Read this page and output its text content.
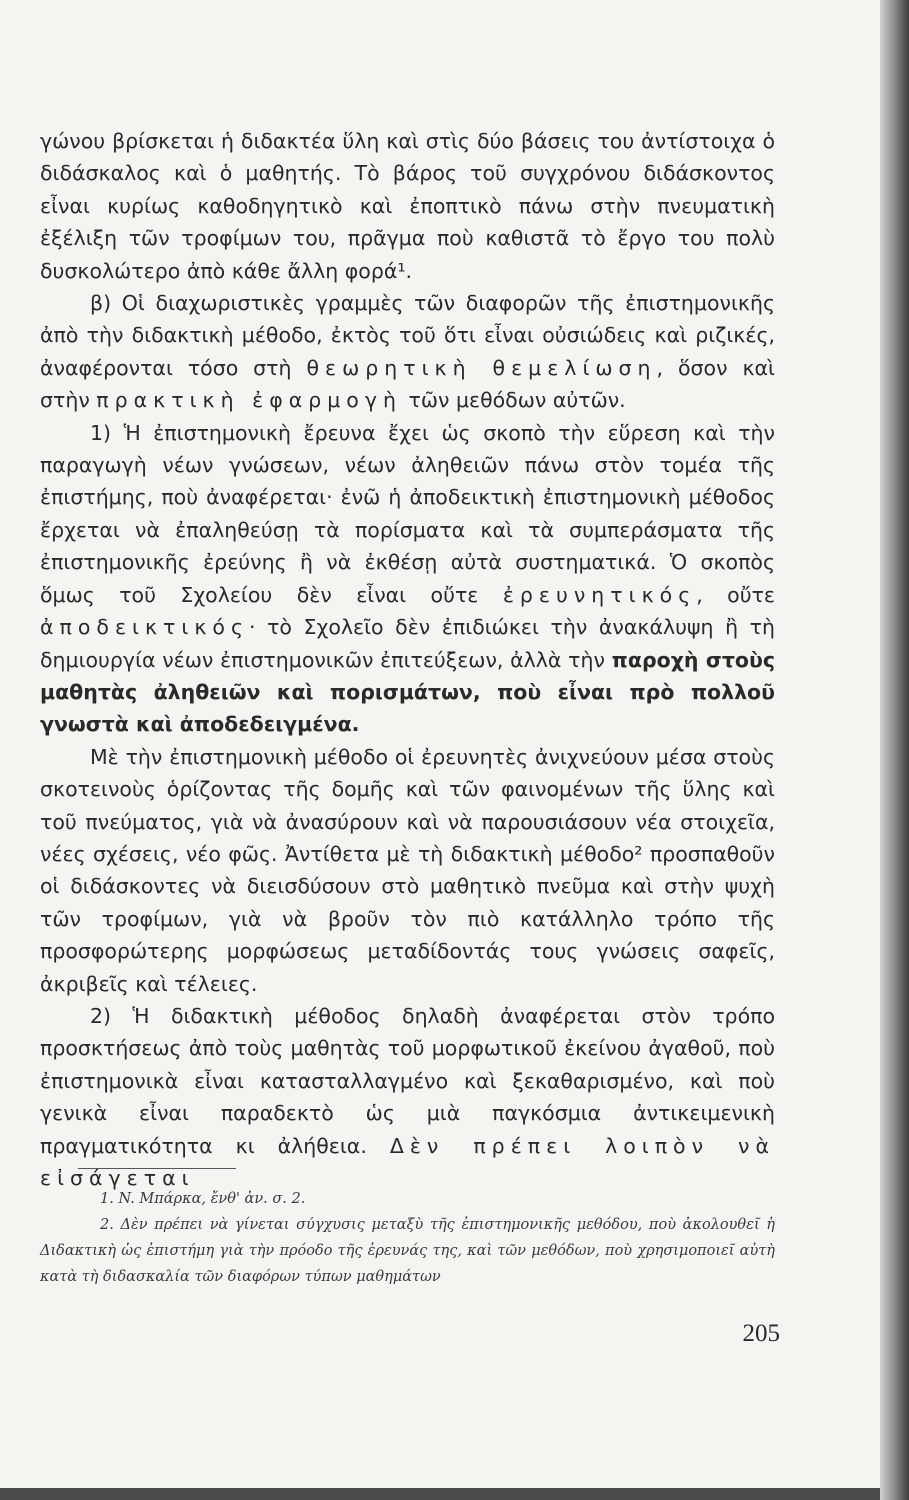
γώνου βρίσκεται ἡ διδακτέα ὕλη καὶ στὶς δύο βάσεις του ἀντίστοιχα ὁ διδάσκαλος καὶ ὁ μαθητής. Τὸ βάρος τοῦ συγχρόνου διδάσκοντος εἶναι κυρίως καθοδηγητικὸ καὶ ἐποπτικὸ πάνω στὴν πνευματικὴ ἐξέλιξη τῶν τροφίμων του, πρᾶγμα ποὺ καθιστᾶ τὸ ἔργο του πολὺ δυσκολώτερο ἀπὸ κάθε ἄλλη φορά¹.

β) Οἱ διαχωριστικὲς γραμμὲς τῶν διαφορῶν τῆς ἐπιστημονικῆς ἀπὸ τὴν διδακτικὴ μέθοδο, ἐκτὸς τοῦ ὅτι εἶναι οὐσιώδεις καὶ ριζικές, ἀναφέρονται τόσο στὴ θεωρητικὴ θεμελίωση, ὅσον καὶ στὴν πρακτικὴ ἐφαρμογὴ τῶν μεθόδων αὐτῶν.

1) Ἡ ἐπιστημονικὴ ἔρευνα ἔχει ὡς σκοπὸ τὴν εὕρεση καὶ τὴν παραγωγὴ νέων γνώσεων, νέων ἀληθειῶν πάνω στὸν τομέα τῆς ἐπιστήμης, ποὺ ἀναφέρεται· ἐνῶ ἡ ἀποδεικτικὴ ἐπιστημονικὴ μέθοδος ἔρχεται νὰ ἐπαληθεύσῃ τὰ πορίσματα καὶ τὰ συμπεράσματα τῆς ἐπιστημονικῆς ἐρεύνης ἢ νὰ ἐκθέσῃ αὐτὰ συστηματικά. Ὁ σκοπὸς ὅμως τοῦ Σχολείου δὲν εἶναι οὔτε ἐρευνητικός, οὔτε ἀποδεικτικός· τὸ Σχολεῖο δὲν ἐπιδιώκει τὴν ἀνακάλυψη ἢ τὴ δημιουργία νέων ἐπιστημονικῶν ἐπιτεύξεων, ἀλλὰ τὴν παροχὴ στοὺς μαθητὰς ἀληθειῶν καὶ πορισμάτων, ποὺ εἶναι πρὸ πολλοῦ γνωστὰ καὶ ἀποδεδειγμένα.

Μὲ τὴν ἐπιστημονικὴ μέθοδο οἱ ἐρευνητὲς ἀνιχνεύουν μέσα στοὺς σκοτεινοὺς ὁρίζοντας τῆς δομῆς καὶ τῶν φαινομένων τῆς ὕλης καὶ τοῦ πνεύματος, γιὰ νὰ ἀνασύρουν καὶ νὰ παρουσιάσουν νέα στοιχεῖα, νέες σχέσεις, νέο φῶς. Ἀντίθετα μὲ τὴ διδακτικὴ μέθοδο² προσπαθοῦν οἱ διδάσκοντες νὰ διεισδύσουν στὸ μαθητικὸ πνεῦμα καὶ στὴν ψυχὴ τῶν τροφίμων, γιὰ νὰ βροῦν τὸν πιὸ κατάλληλο τρόπο τῆς προσφορώτερης μορφώσεως μεταδίδοντάς τους γνώσεις σαφεῖς, ἀκριβεῖς καὶ τέλειες.

2) Ἡ διδακτικὴ μέθοδος δηλαδὴ ἀναφέρεται στὸν τρόπο προσκτήσεως ἀπὸ τοὺς μαθητὰς τοῦ μορφωτικοῦ ἐκείνου ἀγαθοῦ, ποὺ ἐπιστημονικὰ εἶναι κατασταλλαγμένο καὶ ξεκαθαρισμένο, καὶ ποὺ γενικὰ εἶναι παραδεκτὸ ὡς μιὰ παγκόσμια ἀντικειμενικὴ πραγματικότητα κι ἀλήθεια. Δὲν πρέπει λοιπὸν νὰ εἰσάγεται

1. N. Μπάρκα, ἔνθ' ἀν. σ. 2.

2. Δὲν πρέπει νὰ γίνεται σύγχυσις μεταξὺ τῆς ἐπιστημονικῆς μεθόδου, ποὺ ἀκολουθεῖ ἡ Διδακτικὴ ὡς ἐπιστήμη γιὰ τὴν πρόοδο τῆς ἐρευνάς της, καὶ τῶν μεθόδων, ποὺ χρησιμοποιεῖ αὐτὴ κατὰ τὴ διδασκαλία τῶν διαφόρων τύπων μαθημάτων

205
